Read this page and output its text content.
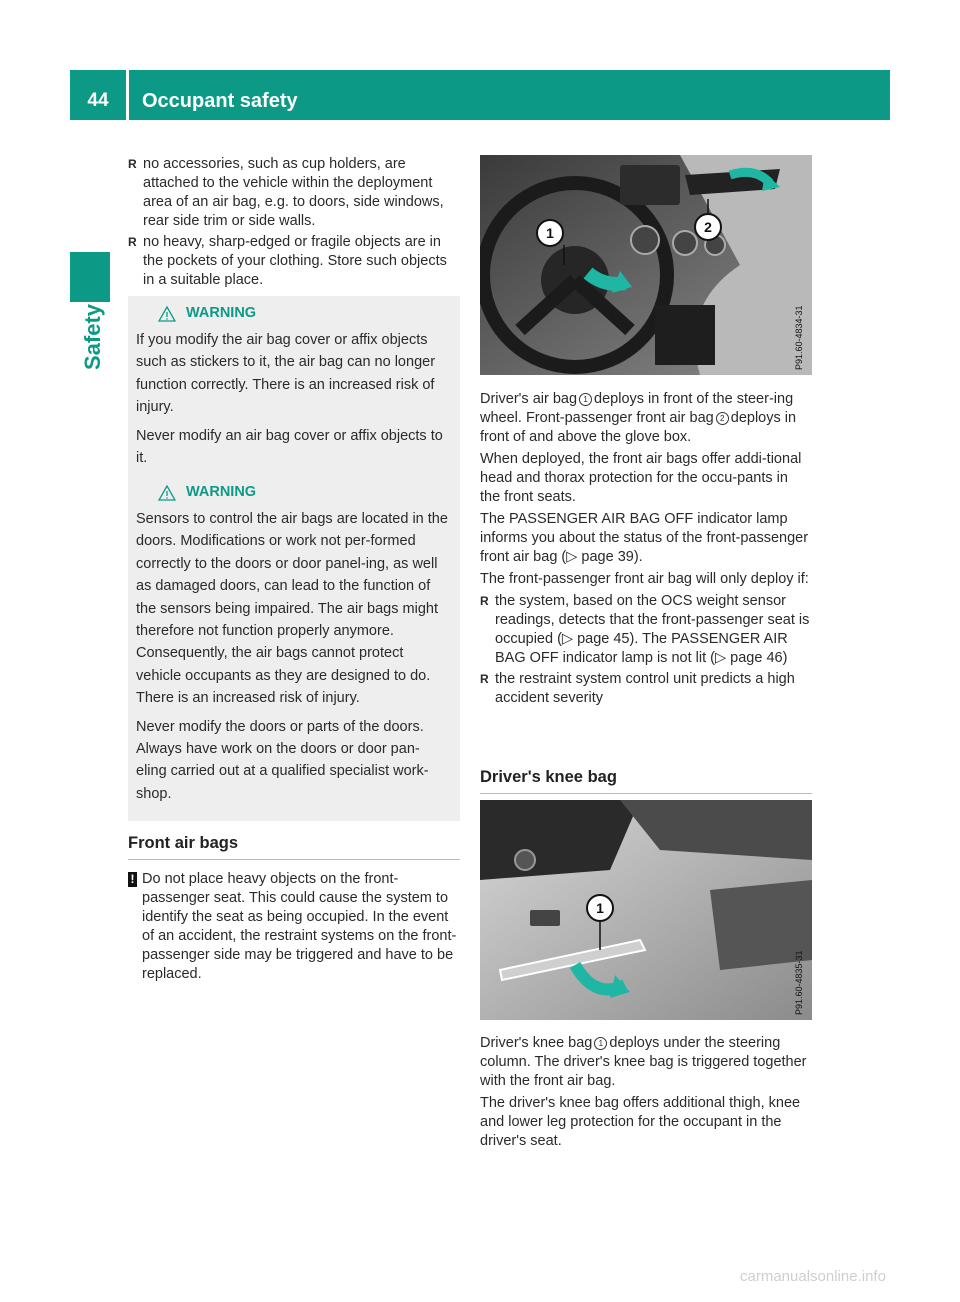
44	Occupant safety
Safety

R no accessories, such as cup holders, are attached to the vehicle within the deployment area of an air bag, e.g. to doors, side windows, rear side trim or side walls.

R no heavy, sharp-edged or fragile objects are in the pockets of your clothing. Store such objects in a suitable place.

WARNING

If you modify the air bag cover or affix objects such as stickers to it, the air bag can no longer function correctly. There is an increased risk of injury.

Never modify an air bag cover or affix objects to it.

WARNING

Sensors to control the air bags are located in the doors. Modifications or work not per-formed correctly to the doors or door panel-ing, as well as damaged doors, can lead to the function of the sensors being impaired. The air bags might therefore not function properly anymore. Consequently, the air bags cannot protect vehicle occupants as they are designed to do. There is an increased risk of injury.

Never modify the doors or parts of the doors. Always have work on the doors or door pan-eling carried out at a qualified specialist work-shop.

Front air bags
! Do not place heavy objects on the front-passenger seat. This could cause the system to identify the seat as being occupied. In the event of an accident, the restraint systems on the front-passenger side may be triggered and have to be replaced.

1	2
P91.60-4834-31

Driver's air bag 1 deploys in front of the steer-ing wheel. Front-passenger front air bag 2 deploys in front of and above the glove box.

When deployed, the front air bags offer addi-tional head and thorax protection for the occu-pants in the front seats.

The PASSENGER AIR BAG OFF indicator lamp informs you about the status of the front-passenger front air bag (▷ page 39).

The front-passenger front air bag will only deploy if:

R the system, based on the OCS weight sensor readings, detects that the front-passenger seat is occupied (▷ page 45). The PASSENGER AIR BAG OFF indicator lamp is not lit (▷ page 46)

R the restraint system control unit predicts a high accident severity

Driver's knee bag
1
P91.60-4835-31

Driver's knee bag 1 deploys under the steering column. The driver's knee bag is triggered together with the front air bag.

The driver's knee bag offers additional thigh, knee and lower leg protection for the occupant in the driver's seat.

carmanualsonline.info
